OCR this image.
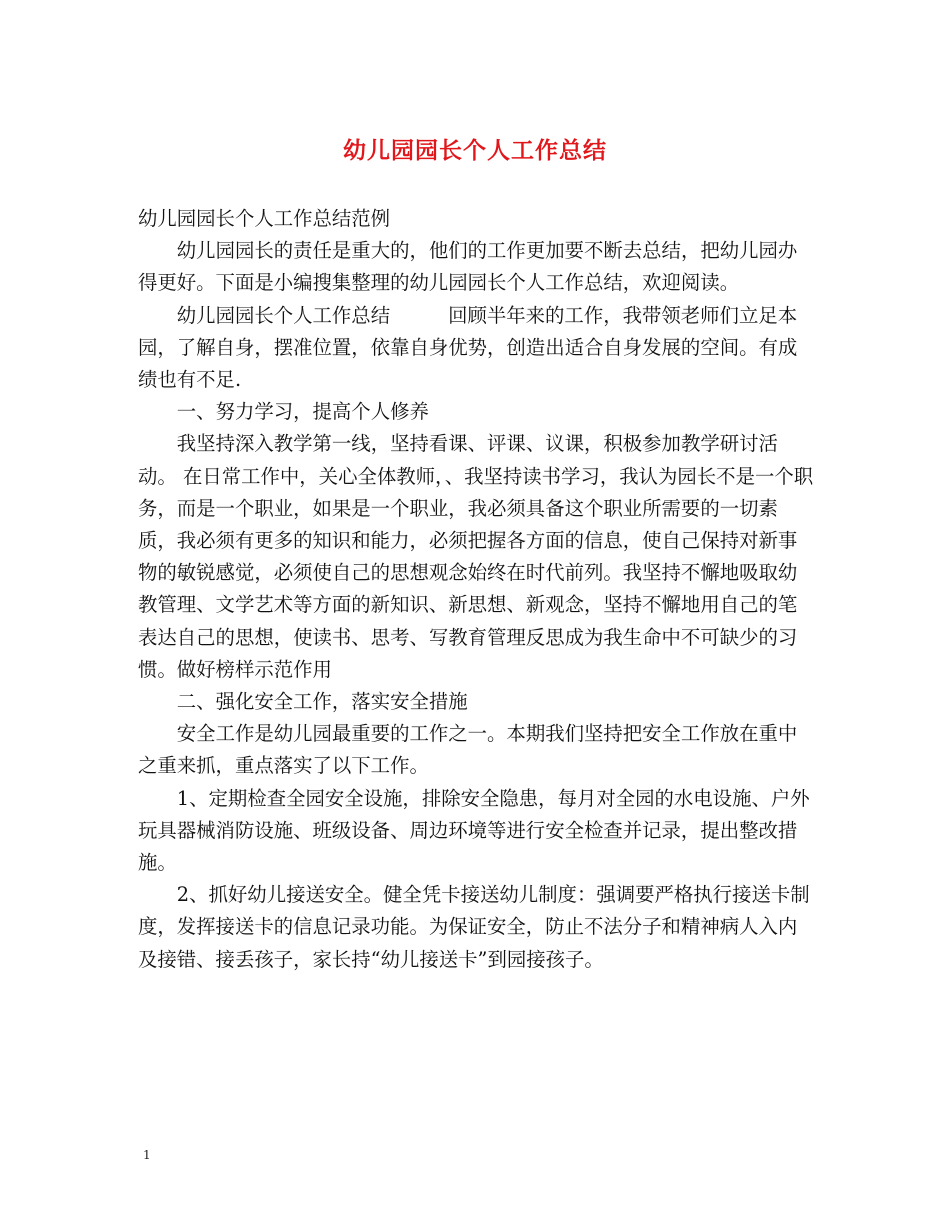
幼儿园园长个人工作总结

幼儿园园长个人工作总结范例

幼儿园园长的责任是重大的，他们的工作更加要不断去总结，把幼儿园办得更好。下面是小编搜集整理的幼儿园园长个人工作总结，欢迎阅读。

幼儿园园长个人工作总结	回顾半年来的工作，我带领老师们立足本园，了解自身，摆准位置，依靠自身优势，创造出适合自身发展的空间。有成绩也有不足.

一、努力学习，提高个人修养

我坚持深入教学第一线，坚持看课、评课、议课，积极参加教学研讨活动。 在日常工作中，关心全体教师，、我坚持读书学习，我认为园长不是一个职务，而是一个职业，如果是一个职业，我必须具备这个职业所需要的一切素质，我必须有更多的知识和能力，必须把握各方面的信息，使自己保持对新事物的敏锐感觉，必须使自己的思想观念始终在时代前列。我坚持不懈地吸取幼教管理、文学艺术等方面的新知识、新思想、新观念，坚持不懈地用自己的笔表达自己的思想，使读书、思考、写教育管理反思成为我生命中不可缺少的习惯。做好榜样示范作用

二、强化安全工作，落实安全措施

安全工作是幼儿园最重要的工作之一。本期我们坚持把安全工作放在重中之重来抓，重点落实了以下工作。

1、定期检查全园安全设施，排除安全隐患，每月对全园的水电设施、户外玩具器械消防设施、班级设备、周边环境等进行安全检查并记录，提出整改措施。

2、抓好幼儿接送安全。健全凭卡接送幼儿制度：强调要严格执行接送卡制度，发挥接送卡的信息记录功能。为保证安全，防止不法分子和精神病人入内及接错、接丢孩子，家长持“幼儿接送卡”到园接孩子。

1
